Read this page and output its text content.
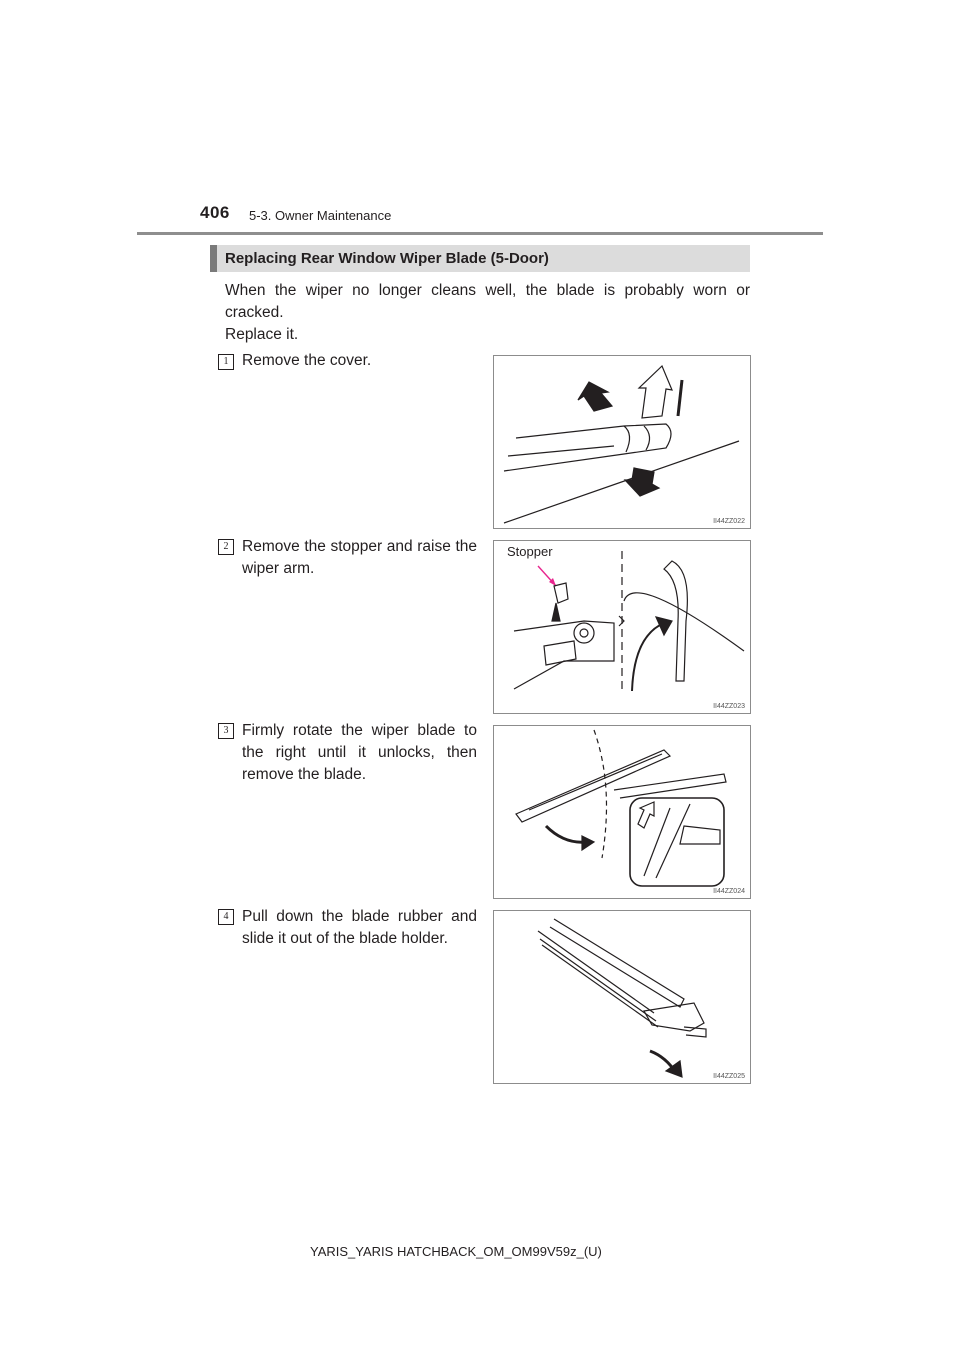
406 5-3. Owner Maintenance
Replacing Rear Window Wiper Blade (5-Door)

When the wiper no longer cleans well, the blade is probably worn or cracked.

Replace it.

1 Remove the cover.
II44ZZ022
2 Remove the stopper and raise the wiper arm.
Stopper
II44ZZ023
3 Firmly rotate the wiper blade to the right until it unlocks, then remove the blade.
II44ZZ024
4 Pull down the blade rubber and slide it out of the blade holder.
II44ZZ025
YARIS_YARIS HATCHBACK_OM_OM99V59z_(U)
